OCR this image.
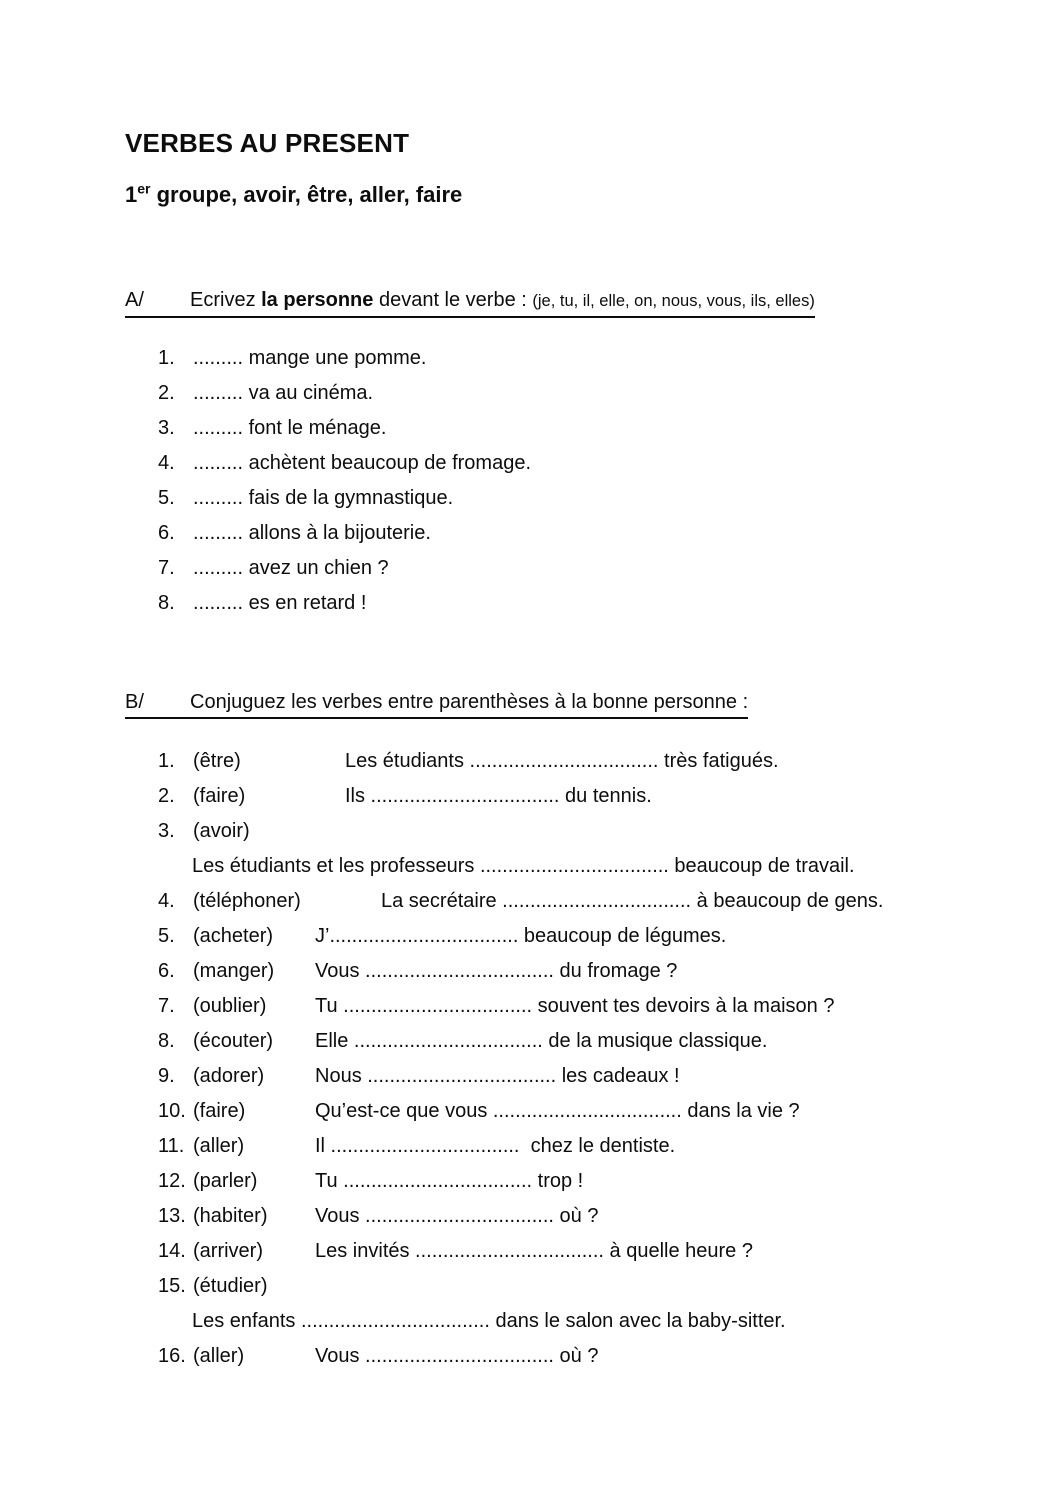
VERBES AU PRESENT
1er groupe, avoir, être, aller, faire
A/ Ecrivez la personne devant le verbe : (je, tu, il, elle, on, nous, vous, ils, elles)
1. ......... mange une pomme.
2. ......... va au cinéma.
3. ......... font le ménage.
4. ......... achètent beaucoup de fromage.
5. ......... fais de la gymnastique.
6. ......... allons à la bijouterie.
7. ......... avez un chien ?
8. ......... es en retard !
B/ Conjuguez les verbes entre parenthèses à la bonne personne :
1. (être)	Les étudiants .................................. très fatigués.
2. (faire)	Ils .................................. du tennis.
3. (avoir)
Les étudiants et les professeurs .................................. beaucoup de travail.
4. (téléphoner)	La secrétaire .................................. à beaucoup de gens.
5. (acheter) J’.................................. beaucoup de légumes.
6. (manger) Vous .................................. du fromage ?
7. (oublier) Tu .................................. souvent tes devoirs à la maison ?
8. (écouter) Elle .................................. de la musique classique.
9. (adorer)	Nous .................................. les cadeaux !
10. (faire)	Qu’est-ce que vous .................................. dans la vie ?
11. (aller)	Il ..................................  chez le dentiste.
12. (parler)	Tu .................................. trop !
13. (habiter) Vous .................................. où ?
14. (arriver)	Les invités .................................. à quelle heure ?
15. (étudier)
Les enfants .................................. dans le salon avec la baby-sitter.
16. (aller)	Vous .................................. où ?
